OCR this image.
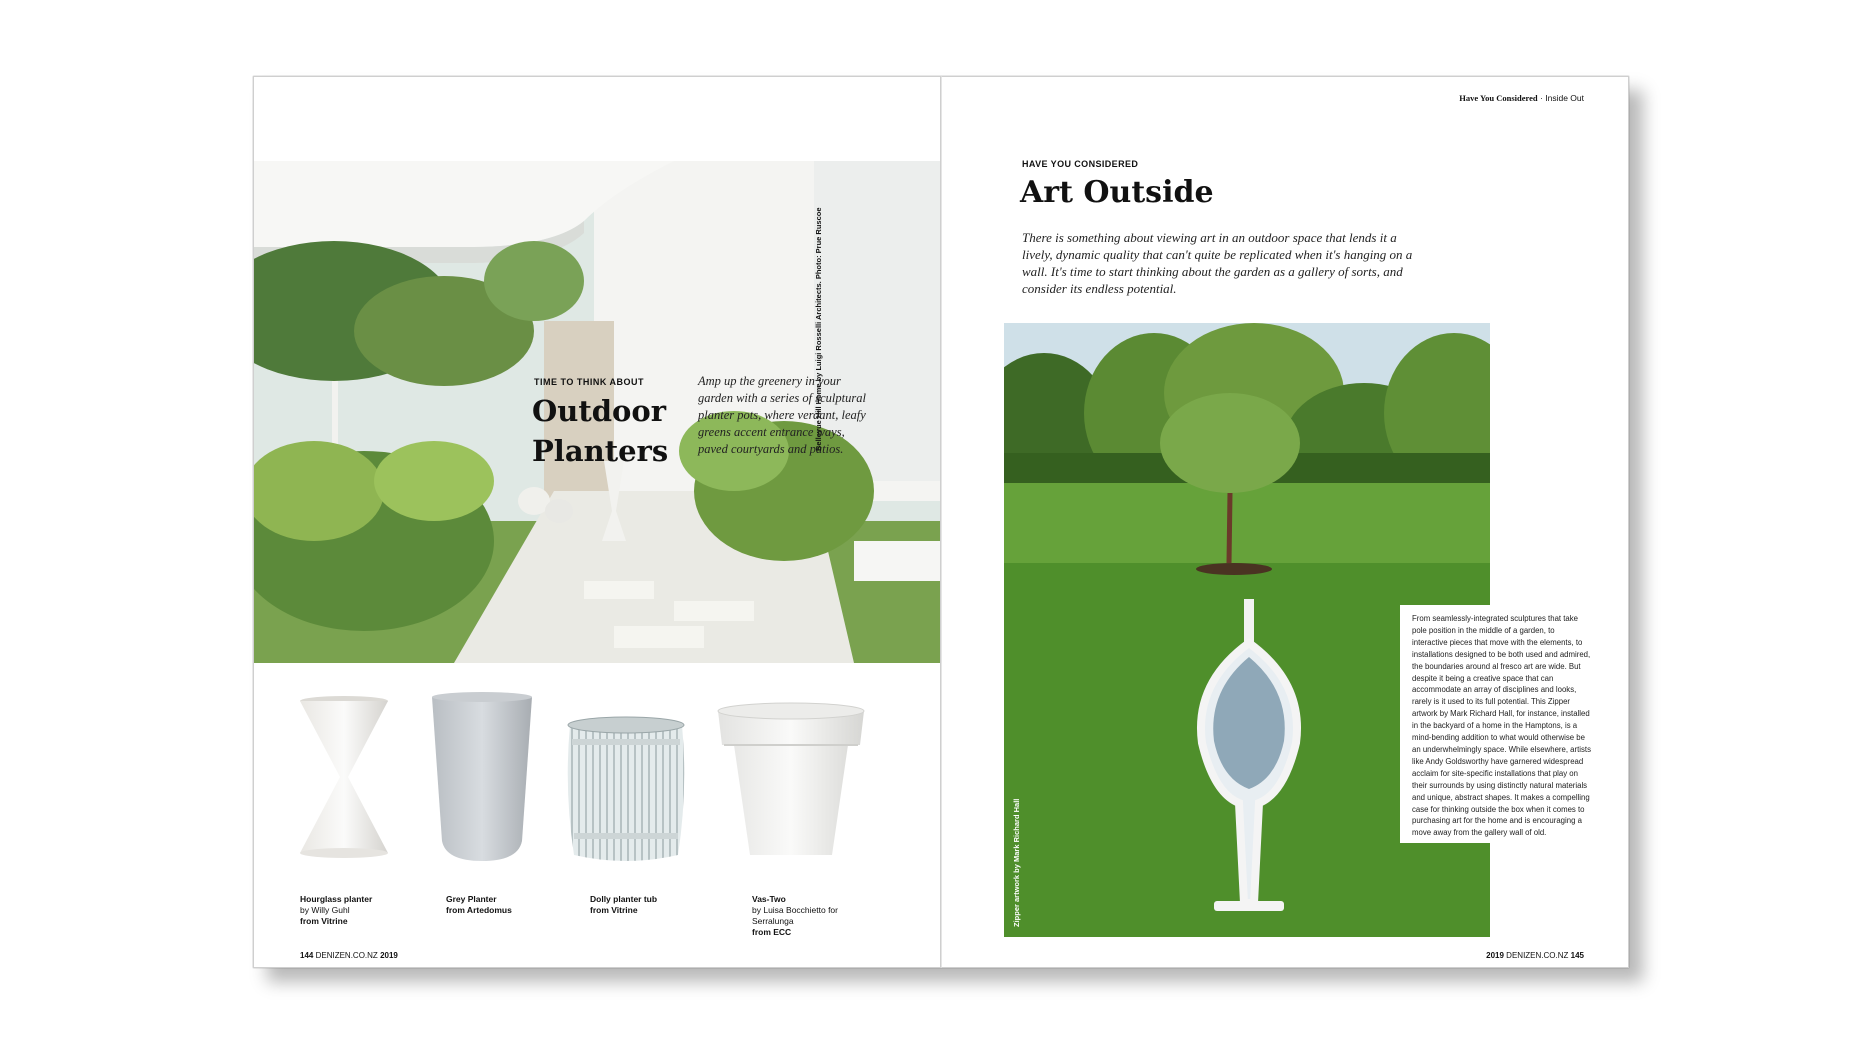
TIME TO THINK ABOUT
Outdoor
Planters
Amp up the greenery in your garden with a series of sculptural planter pots, where verdant, leafy greens accent entrance ways, paved courtyards and patios.
Bellevue Hill Home by Luigi Rosselli Architects. Photo: Prue Ruscoe
Hourglass planter
by Willy Guhl
from Vitrine
Grey Planter
from Artedomus
Dolly planter tub
from Vitrine
Vas-Two
by Luisa Bocchietto for Serralunga
from ECC
144 DENIZEN.CO.NZ 2019
Have You Considered · Inside Out
HAVE YOU CONSIDERED
Art Outside
There is something about viewing art in an outdoor space that lends it a lively, dynamic quality that can't quite be replicated when it's hanging on a wall. It's time to start thinking about the garden as a gallery of sorts, and consider its endless potential.
Zipper artwork by Mark Richard Hall
From seamlessly-integrated sculptures that take pole position in the middle of a garden, to interactive pieces that move with the elements, to installations designed to be both used and admired, the boundaries around al fresco art are wide. But despite it being a creative space that can accommodate an array of disciplines and looks, rarely is it used to its full potential. This Zipper artwork by Mark Richard Hall, for instance, installed in the backyard of a home in the Hamptons, is a mind-bending addition to what would otherwise be an underwhelmingly space. While elsewhere, artists like Andy Goldsworthy have garnered widespread acclaim for site-specific installations that play on their surrounds by using distinctly natural materials and unique, abstract shapes. It makes a compelling case for thinking outside the box when it comes to purchasing art for the home and is encouraging a move away from the gallery wall of old.
2019 DENIZEN.CO.NZ 145
